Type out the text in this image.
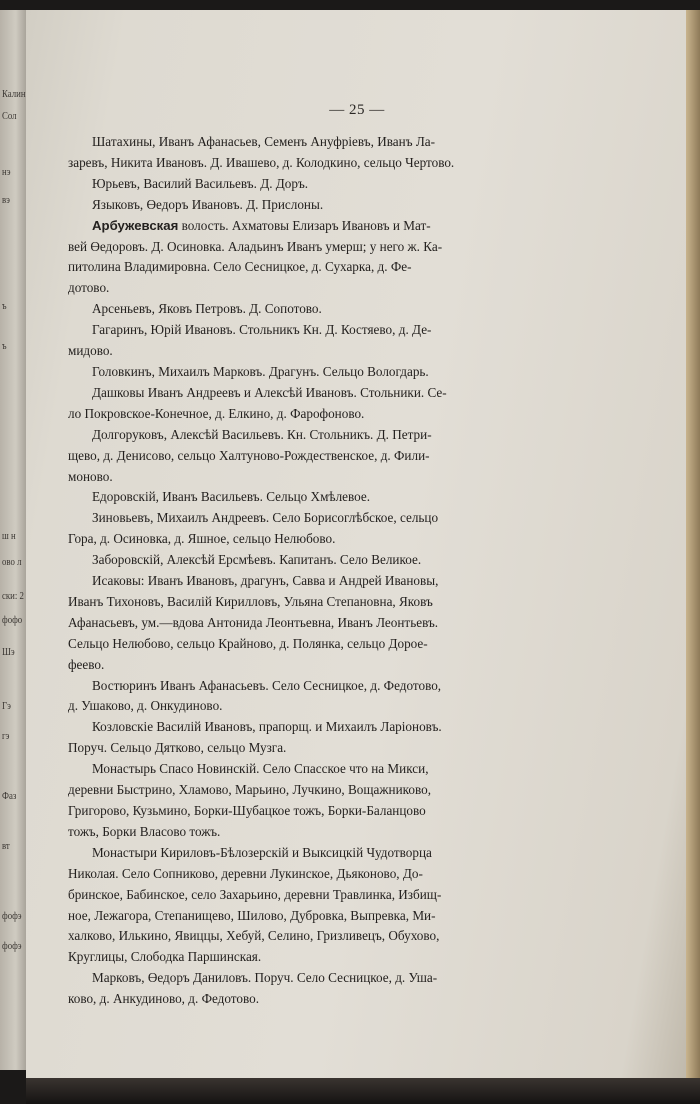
Калин
Сол
нэ
вэ
ъ
ъ
ш н
ово л
ски: 2
фофо
Шэ
Гэ
гэ
Фаз
вт
фофэ
фофэ
— 25 —
Шатахины, Иванъ Афанасьев, Семенъ Ануфрiевъ, Иванъ Ла-
заревъ, Никита Ивановъ. Д. Ивашево, д. Колодкино, сельцо Чертово.
Юрьевъ, Василий Васильевъ. Д. Доръ.
Языковъ, Өедоръ Ивановъ. Д. Прислоны.
Арбужевская волость. Ахматовы Елизаръ Ивановъ и Мат-
вей Өедоровъ. Д. Осиновка. Аладьинъ Иванъ умерш; у него ж. Ка-
питолина Владимировна. Село Сесницкое, д. Сухарка, д. Фе-
дотово.
Арсеньевъ, Яковъ Петровъ. Д. Сопотово.
Гагаринъ, Юрiй Ивановъ. Стольникъ Кн. Д. Костяево, д. Де-
мидово.
Головкинъ, Михаилъ Марковъ. Драгунъ. Сельцо Вологдарь.
Дашковы Иванъ Андреевъ и Алексѣй Ивановъ. Стольники. Се-
ло Покровское-Конечное, д. Елкино, д. Фарофоново.
Долгоруковъ, Алексѣй Васильевъ. Кн. Стольникъ. Д. Петри-
щево, д. Денисово, сельцо Халтуново-Рождественское, д. Фили-
моново.
Едоровскiй, Иванъ Васильевъ. Сельцо Хмѣлевое.
Зиновьевъ, Михаилъ Андреевъ. Село Борисоглѣбское, сельцо
Гора, д. Осиновка, д. Яшное, сельцо Нелюбово.
Заборовскiй, Алексѣй Ерсмѣевъ. Капитанъ. Село Великое.
Исаковы: Иванъ Ивановъ, драгунъ, Савва и Андрей Ивановы,
Иванъ Тихоновъ, Василiй Кирилловъ, Ульяна Степановна, Яковъ
Афанасьевъ, ум.—вдова Антонида Леонтьевна, Иванъ Леонтьевъ.
Сельцо Нелюбово, сельцо Крайново, д. Полянка, сельцо Дорое-
феево.
Востюринъ Иванъ Афанасьевъ. Село Сесницкое, д. Федотово,
д. Ушаково, д. Онкудиново.
Козловскiе Василiй Ивановъ, прапорщ. и Михаилъ Ларiоновъ.
Поруч. Сельцо Дятково, сельцо Музга.
Монастырь Спасо Новинскiй. Село Спасское что на Микси,
деревни Быстрино, Хламово, Марьино, Лучкино, Вощажниково,
Григорово, Кузьмино, Борки-Шубацкое тожъ, Борки-Баланцово
тожъ, Борки Власово тожъ.
Монастыри Кириловъ-Бѣлозерскiй и Выксицкiй Чудотворца
Николая. Село Сопниково, деревни Лукинское, Дьяконово, До-
бринское, Бабинское, село Захарьино, деревни Травлинка, Избищ-
ное, Лежагора, Степанищево, Шилово, Дубровка, Выпревка, Ми-
халково, Илькино, Явиццы, Хебуй, Селино, Гризливецъ, Обухово,
Круглицы, Слободка Паршинская.
Марковъ, Өедоръ Даниловъ. Поруч. Село Сесницкое, д. Уша-
ково, д. Анкудиново, д. Федотово.
